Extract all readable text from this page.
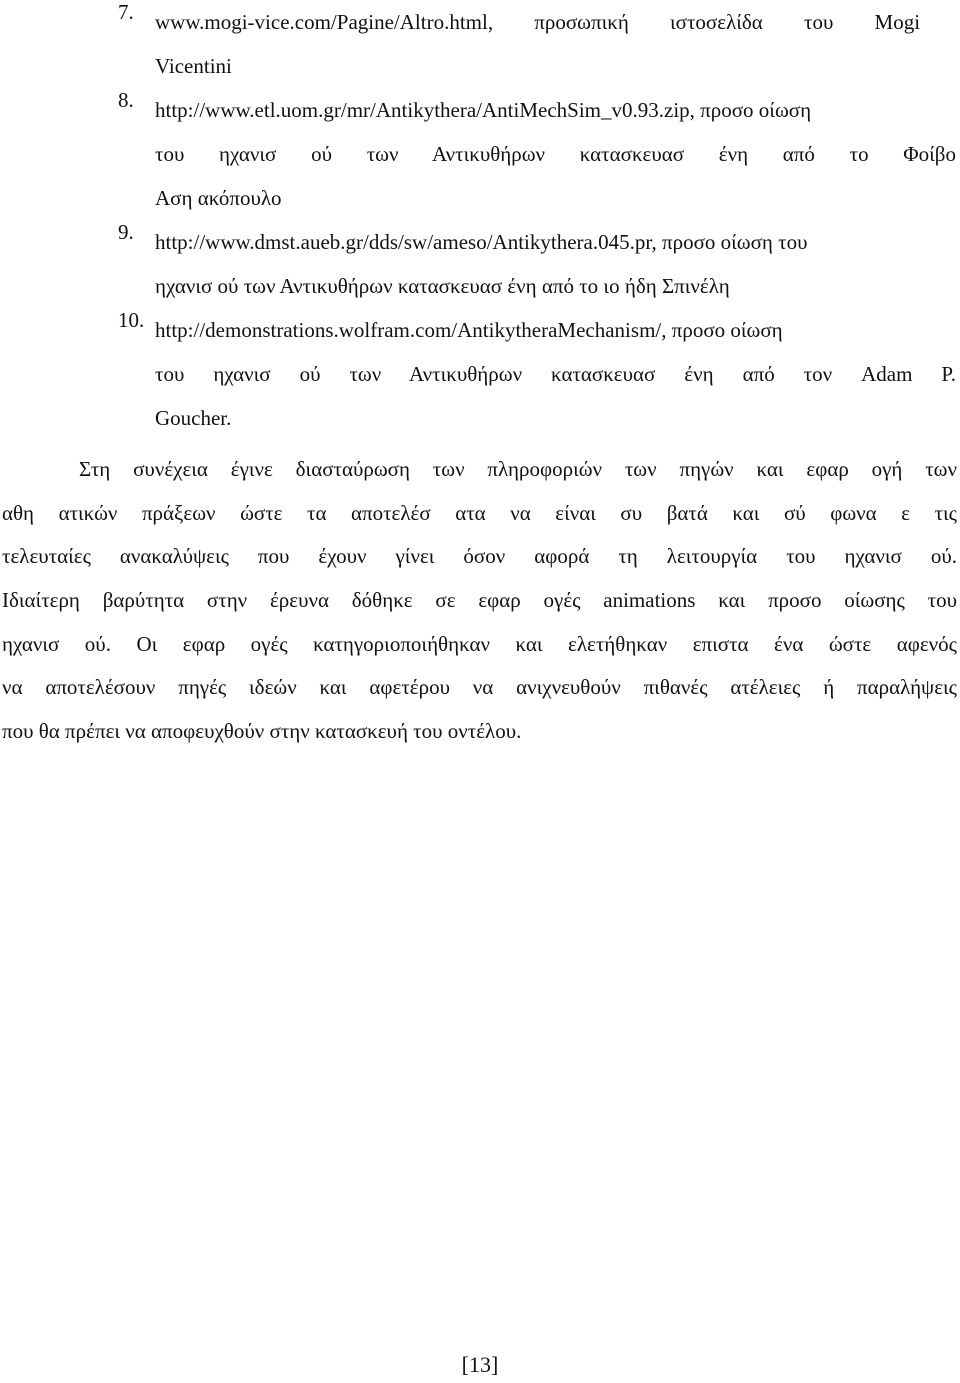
7. www.mogi-vice.com/Pagine/Altro.html, προσωπική ιστοσελίδα του Mogi
Vicentini
8. http://www.etl.uom.gr/mr/Antikythera/AntiMechSim_v0.93.zip, προσο οίωση
του ηχανισ ού των Αντικυθήρων κατασκευασ ένη από το Φοίβο
Αση ακόπουλο
9. http://www.dmst.aueb.gr/dds/sw/ameso/Antikythera.045.pr, προσο οίωση του
ηχανισ ού των Αντικυθήρων κατασκευασ ένη από το ιο ήδη Σπινέλη
10. http://demonstrations.wolfram.com/AntikytheraMechanism/, προσο οίωση
του ηχανισ ού των Αντικυθήρων κατασκευασ ένη από τον Adam P.
Goucher.
Στη συνέχεια έγινε διασταύρωση των πληροφοριών των πηγών και εφαρ ογή των
αθη ατικών πράξεων ώστε τα αποτελέσ ατα να είναι συ βατά και σύ φωνα ε τις
τελευταίες ανακαλύψεις που έχουν γίνει όσον αφορά τη λειτουργία του ηχανισ ού.
Ιδιαίτερη βαρύτητα στην έρευνα δόθηκε σε εφαρ ογές animations και προσο οίωσης του
ηχανισ ού. Οι εφαρ ογές κατηγοριοποιήθηκαν και ελετήθηκαν επιστα ένα ώστε αφενός
να αποτελέσουν πηγές ιδεών και αφετέρου να ανιχνευθούν πιθανές ατέλειες ή παραλήψεις
που θα πρέπει να αποφευχθούν στην κατασκευή του οντέλου.
[13]
